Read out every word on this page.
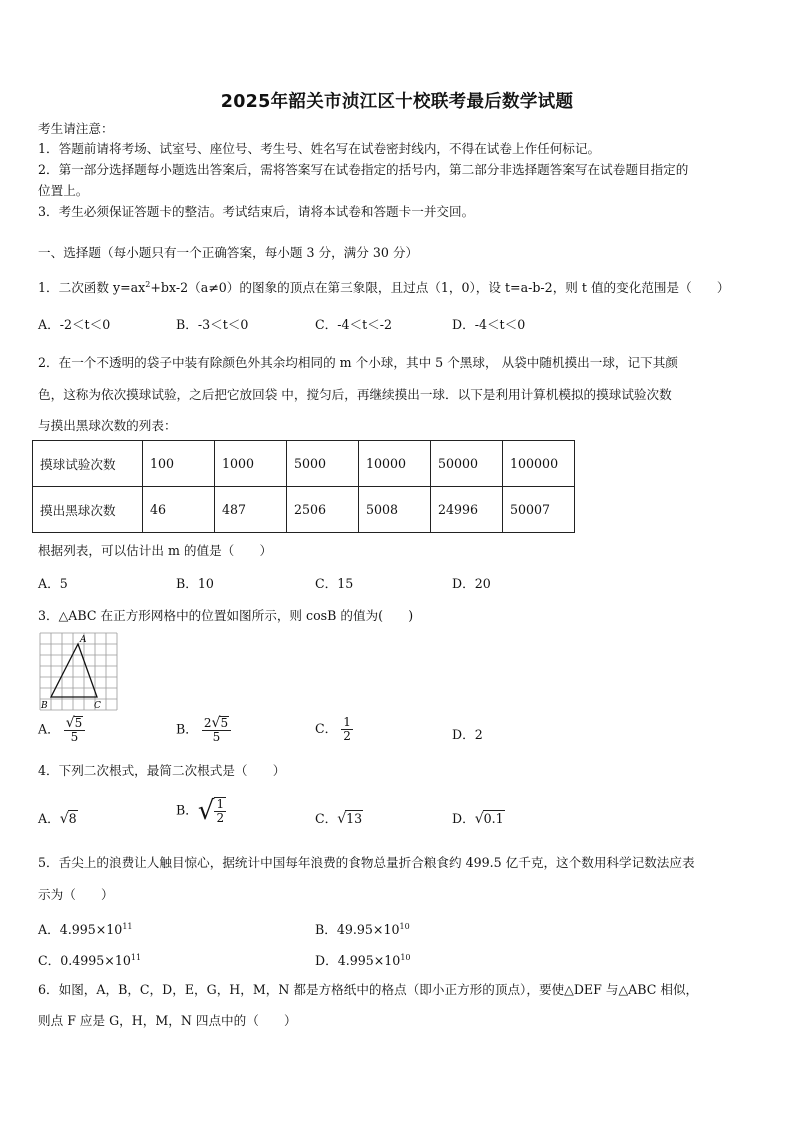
2025年韶关市浈江区十校联考最后数学试题
考生请注意：
1．答题前请将考场、试室号、座位号、考生号、姓名写在试卷密封线内，不得在试卷上作任何标记。
2．第一部分选择题每小题选出答案后，需将答案写在试卷指定的括号内，第二部分非选择题答案写在试卷题目指定的
位置上。
3．考生必须保证答题卡的整洁。考试结束后，请将本试卷和答题卡一并交回。
一、选择题（每小题只有一个正确答案，每小题 3 分，满分 30 分）
1．二次函数 $y=ax^2+bx-2(a\ne 0)$的图象的顶点在第三象限，且过点（1，0），设 t=a-b-2，则 t 值的变化范围是（　　）
A．-2＜t＜0	B．-3＜t＜0	C．-4＜t＜-2	D．-4＜t＜0
2．在一个不透明的袋子中装有除颜色外其余均相同的 m 个小球，其中 5 个黑球， 从袋中随机摸出一球，记下其颜
色，这称为依次摸球试验，之后把它放回袋 中，搅匀后，再继续摸出一球．以下是利用计算机模拟的摸球试验次数
与摸出黑球次数的列表：
摸球试验次数	100	1000	5000	10000	50000	100000
摸出黑球次数	46	487	2506	5008	24996	50007
根据列表，可以估计出 m 的值是（　　）
A．5	B．10	C．15	D．20
3．△ABC 在正方形网格中的位置如图所示，则 cosB 的值为(　　)
A
B	C
A． $\frac{√5}{5}$	B． $\frac{2√5}{5}$	C． $\frac{1}{2}$	D．2
4．下列二次根式，最简二次根式是（　　）
A．√8
B．√ $\frac{1}{2}$	C．√13	D．√0.1
5．舌尖上的浪费让人触目惊心，据统计中国每年浪费的食物总量折合粮食约 499.5 亿千克，这个数用科学记数法应表
示为（　　）
A．$4.995\times 10^{11}$	B．$49.95\times 10^{10}$
C．$0.4995\times 10^{11}$	D．$4.995\times 10^{10}$
6．如图，A，B，C，D，E，G，H，M，N 都是方格纸中的格点（即小正方形的顶点），要使△DEF 与△ABC 相似，
则点 F 应是 G，H，M，N 四点中的（　　）
